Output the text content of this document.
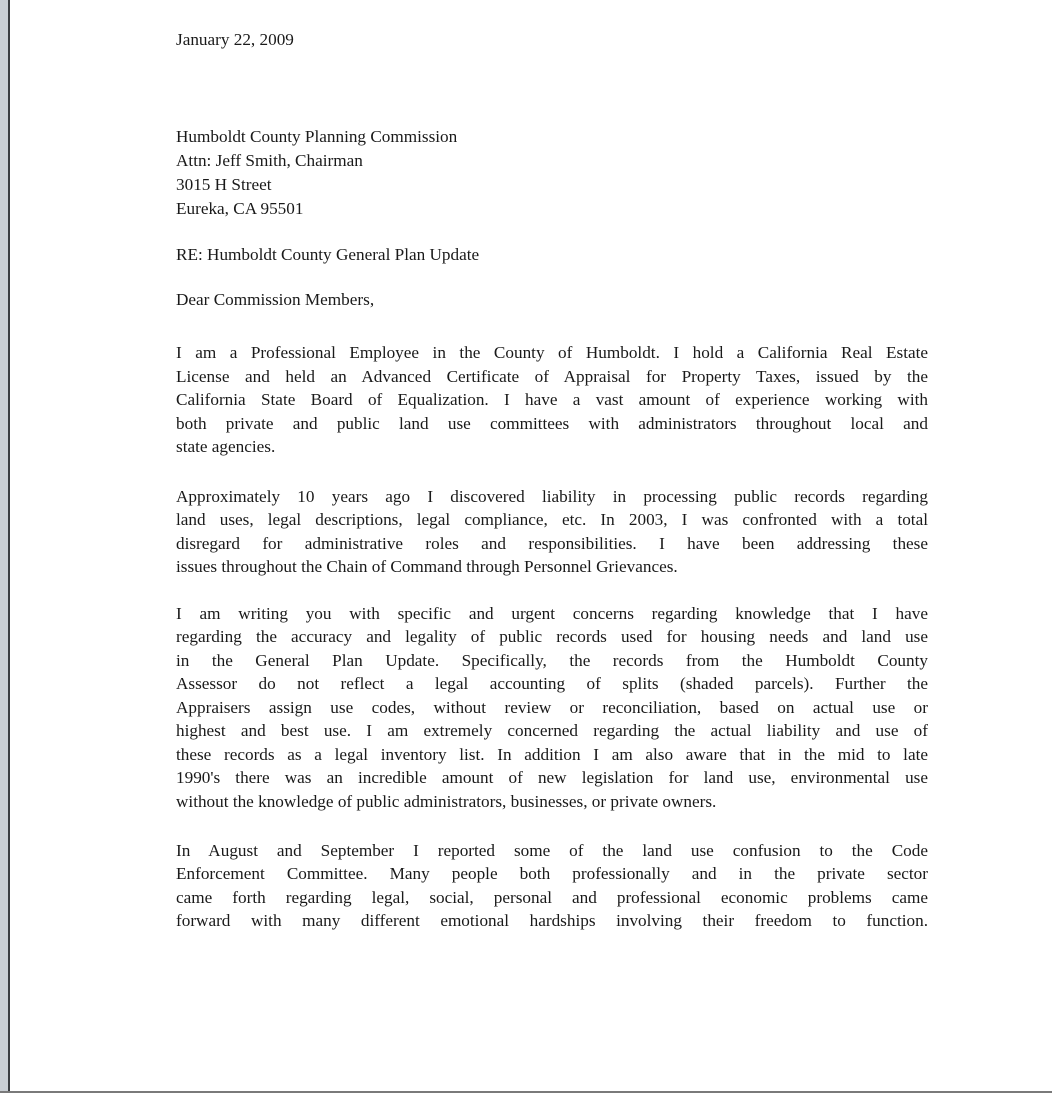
January 22, 2009
Humboldt County Planning Commission
Attn: Jeff Smith, Chairman
3015 H Street
Eureka, CA 95501
RE: Humboldt County General Plan Update
Dear Commission Members,
I am a Professional Employee in the County of Humboldt. I hold a California Real Estate
License and held an Advanced Certificate of Appraisal for Property Taxes, issued by the
California State Board of Equalization. I have a vast amount of experience working with
both private and public land use committees with administrators throughout local and
state agencies.
Approximately 10 years ago I discovered liability in processing public records regarding
land uses, legal descriptions, legal compliance, etc. In 2003, I was confronted with a total
disregard for administrative roles and responsibilities. I have been addressing these
issues throughout the Chain of Command through Personnel Grievances.
I am writing you with specific and urgent concerns regarding knowledge that I have
regarding the accuracy and legality of public records used for housing needs and land use
in the General Plan Update. Specifically, the records from the Humboldt County
Assessor do not reflect a legal accounting of splits (shaded parcels). Further the
Appraisers assign use codes, without review or reconciliation, based on actual use or
highest and best use. I am extremely concerned regarding the actual liability and use of
these records as a legal inventory list. In addition I am also aware that in the mid to late
1990's there was an incredible amount of new legislation for land use, environmental use
without the knowledge of public administrators, businesses, or private owners.
In August and September I reported some of the land use confusion to the Code
Enforcement Committee. Many people both professionally and in the private sector
came forth regarding legal, social, personal and professional economic problems came
forward with many different emotional hardships involving their freedom to function.
